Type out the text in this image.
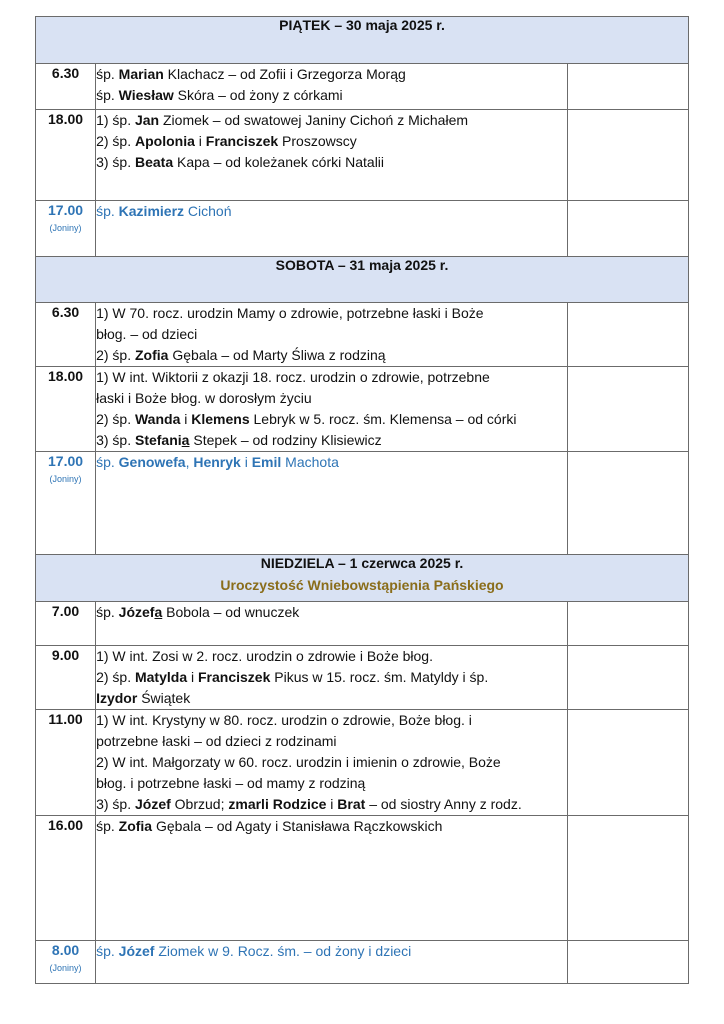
PIĄTEK – 30 maja 2025 r.		

6.30	śp. Marian Klachacz – od Zofii i Grzegorza Morąg
śp. Wiesław Skóra – od żony z córkami	

18.00	1) śp. Jan Ziomek – od swatowej Janiny Cichoń z Michałem
2) śp. Apolonia i Franciszek Proszowscy
3) śp. Beata Kapa – od koleżanek córki Natalii	

17.00
(Joniny)	śp. Kazimierz Cichoń	

SOBOTA – 31 maja 2025 r.		

6.30	1) W 70. rocz. urodzin Mamy o zdrowie, potrzebne łaski i Boże
błog. – od dzieci
2) śp. Zofia Gębala – od Marty Śliwa z rodziną	

18.00	1) W int. Wiktorii z okazji 18. rocz. urodzin o zdrowie, potrzebne
łaski i Boże błog. w dorosłym życiu
2) śp. Wanda i Klemens Lebryk w 5. rocz. śm. Klemensa – od córki
3) śp. Stefania Stepek – od rodziny Klisiewicz	

17.00
(Joniny)	śp. Genowefa, Henryk i Emil Machota	

NIEDZIELA – 1 czerwca 2025 r.
Uroczystość Wniebowstąpienia Pańskiego		

7.00	śp. Józefa Bobola – od wnuczek	

9.00	1) W int. Zosi w 2. rocz. urodzin o zdrowie i Boże błog.
2) śp. Matylda i Franciszek Pikus w 15. rocz. śm. Matyldy i śp.
Izydor Świątek	

11.00	1) W int. Krystyny w 80. rocz. urodzin o zdrowie, Boże błog. i
potrzebne łaski – od dzieci z rodzinami
2) W int. Małgorzaty w 60. rocz. urodzin i imienin o zdrowie, Boże
błog. i potrzebne łaski – od mamy z rodziną
3) śp. Józef Obrzud; zmarli Rodzice i Brat – od siostry Anny z rodz.	

16.00	śp. Zofia Gębala – od Agaty i Stanisława Rączkowskich	

8.00
(Joniny)	śp. Józef Ziomek w 9. Rocz. śm. – od żony i dzieci	
